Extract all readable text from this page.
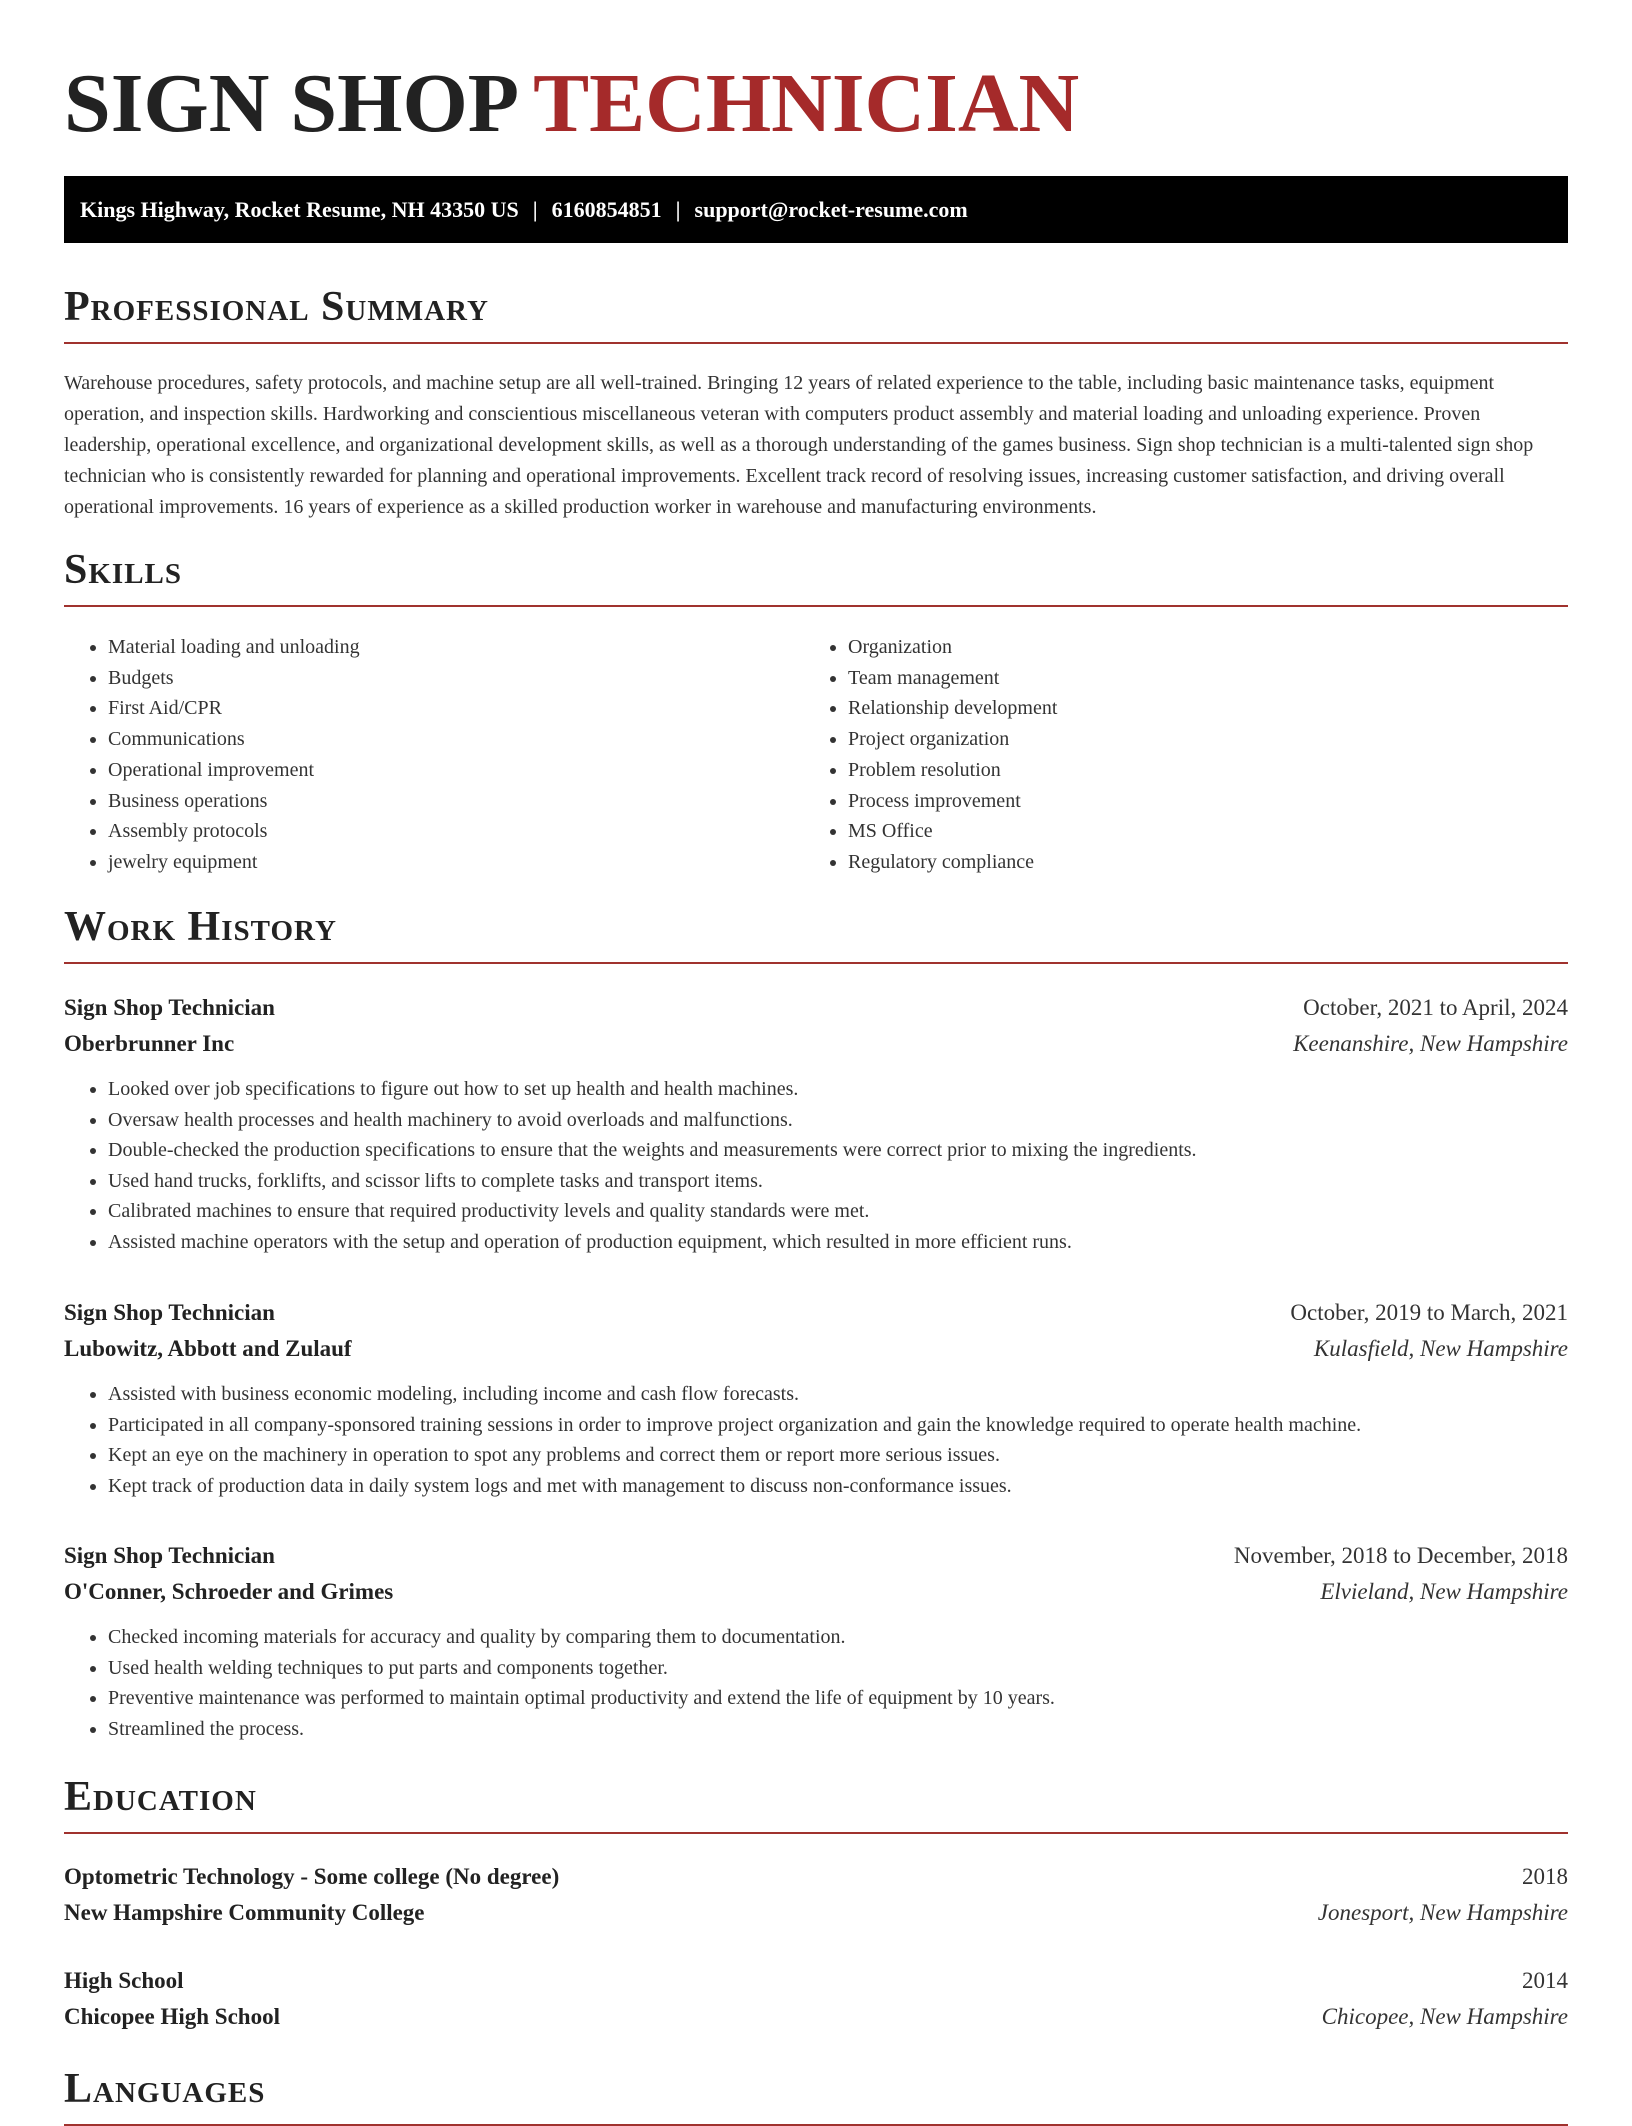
SIGN SHOP TECHNICIAN
Kings Highway, Rocket Resume, NH 43350 US | 6160854851 | support@rocket-resume.com
Professional Summary

Warehouse procedures, safety protocols, and machine setup are all well-trained. Bringing 12 years of related experience to the table, including basic maintenance tasks, equipment operation, and inspection skills. Hardworking and conscientious miscellaneous veteran with computers product assembly and material loading and unloading experience. Proven leadership, operational excellence, and organizational development skills, as well as a thorough understanding of the games business. Sign shop technician is a multi-talented sign shop technician who is consistently rewarded for planning and operational improvements. Excellent track record of resolving issues, increasing customer satisfaction, and driving overall operational improvements. 16 years of experience as a skilled production worker in warehouse and manufacturing environments.

Skills
• Material loading and unloading
• Budgets
• First Aid/CPR
• Communications
• Operational improvement
• Business operations
• Assembly protocols
• jewelry equipment
• Organization
• Team management
• Relationship development
• Project organization
• Problem resolution
• Process improvement
• MS Office
• Regulatory compliance
Work History
Sign Shop Technician	October, 2021 to April, 2024
Oberbrunner Inc	Keenanshire, New Hampshire
• Looked over job specifications to figure out how to set up health and health machines.
• Oversaw health processes and health machinery to avoid overloads and malfunctions.
• Double-checked the production specifications to ensure that the weights and measurements were correct prior to mixing the ingredients.
• Used hand trucks, forklifts, and scissor lifts to complete tasks and transport items.
• Calibrated machines to ensure that required productivity levels and quality standards were met.
• Assisted machine operators with the setup and operation of production equipment, which resulted in more efficient runs.
Sign Shop Technician	October, 2019 to March, 2021
Lubowitz, Abbott and Zulauf	Kulasfield, New Hampshire
• Assisted with business economic modeling, including income and cash flow forecasts.
• Participated in all company-sponsored training sessions in order to improve project organization and gain the knowledge required to operate health machine.
• Kept an eye on the machinery in operation to spot any problems and correct them or report more serious issues.
• Kept track of production data in daily system logs and met with management to discuss non-conformance issues.
Sign Shop Technician	November, 2018 to December, 2018
O'Conner, Schroeder and Grimes	Elvieland, New Hampshire
• Checked incoming materials for accuracy and quality by comparing them to documentation.
• Used health welding techniques to put parts and components together.
• Preventive maintenance was performed to maintain optimal productivity and extend the life of equipment by 10 years.
• Streamlined the process.
Education
Optometric Technology - Some college (No degree)	2018
New Hampshire Community College	Jonesport, New Hampshire
High School	2014
Chicopee High School	Chicopee, New Hampshire
Languages
